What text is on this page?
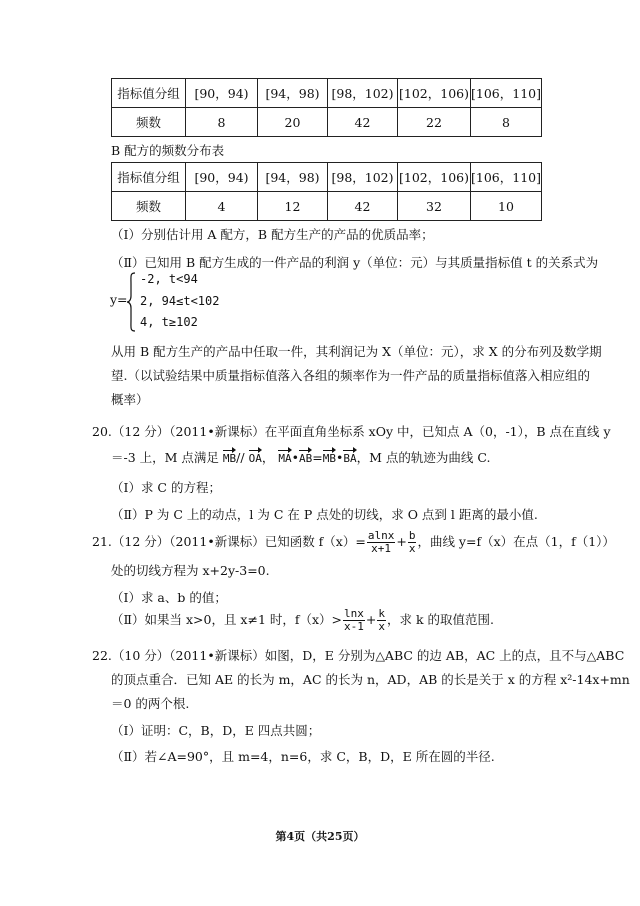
指标值分组	[90，94)	[94，98)	[98，102)	[102，106)	[106，110]
频数	8	20	42	22	8
B 配方的频数分布表
指标值分组	[90，94)	[94，98)	[98，102)	[102，106)	[106，110]
频数	4	12	42	32	10
（Ⅰ）分别估计用 A 配方，B 配方生产的产品的优质品率；
（Ⅱ）已知用 B 配方生成的一件产品的利润 y（单位：元）与其质量指标值 t 的关系式为
y=
-2, t<94
2, 94≤t<102
4, t≥102
从用 B 配方生产的产品中任取一件，其利润记为 X（单位：元），求 X 的分布列及数学期
望.（以试验结果中质量指标值落入各组的频率作为一件产品的质量指标值落入相应组的
概率）
20.（12 分）（2011•新课标）在平面直角坐标系 xOy 中，已知点 A（0，-1），B 点在直线 y
＝-3 上，M 点满足 MB// OA， MA•AB=MB•BA，M 点的轨迹为曲线 C.
（Ⅰ）求 C 的方程；
（Ⅱ）P 为 C 上的动点，l 为 C 在 P 点处的切线，求 O 点到 l 距离的最小值.
21.（12 分）（2011•新课标）已知函数 $f(x)= \frac{alnx}{x+1} + \frac{b}{x}$ ，曲线 y=f（x）在点（1，f（1））
处的切线方程为 x+2y-3=0.
（Ⅰ）求 a、b 的值；
（Ⅱ）如果当 x>0，且 x≠1 时，$f(x)> \frac{\ln x}{x-1} + \frac{k}{x}$ ，求 k 的取值范围.
22.（10 分）（2011•新课标）如图，D，E 分别为△ABC 的边 AB，AC 上的点，且不与△ABC
的顶点重合．已知 AE 的长为 m，AC 的长为 n，AD，AB 的长是关于 x 的方程 x²-14x+mn
＝0 的两个根.
（Ⅰ）证明：C，B，D，E 四点共圆；
（Ⅱ）若∠A=90°，且 m=4，n=6，求 C，B，D，E 所在圆的半径.
第4页（共25页）
